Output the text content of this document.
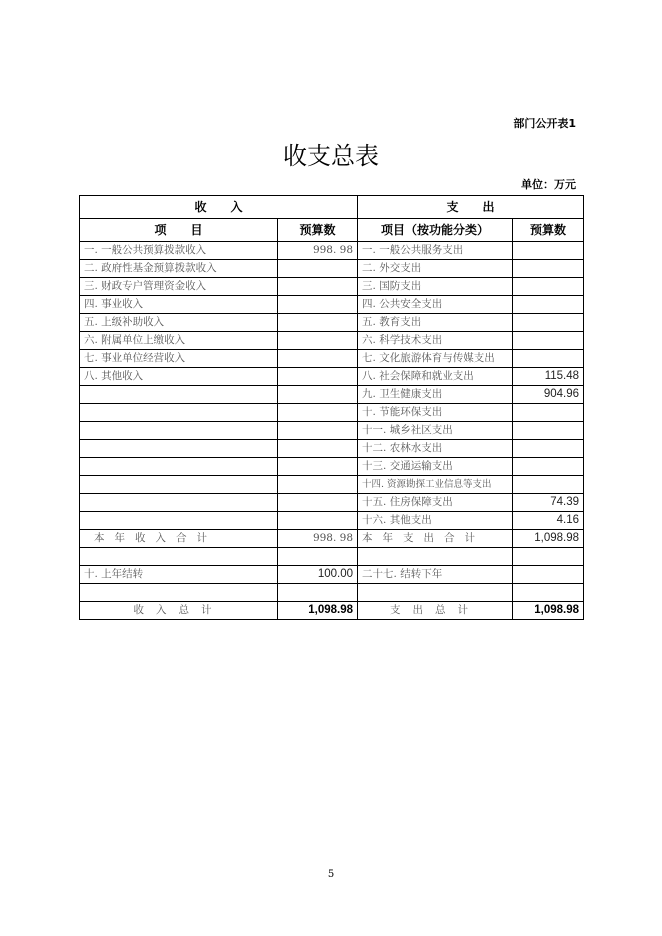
部门公开表1
收支总表
单位：万元
收　　入		支　　出	
项　　目	预算数	项目（按功能分类）	预算数
一. 一般公共预算拨款收入	998. 98	一. 一般公共服务支出	
二. 政府性基金预算拨款收入		二. 外交支出	
三. 财政专户管理资金收入		三. 国防支出	
四. 事业收入		四. 公共安全支出	
五. 上级补助收入		五. 教育支出	
六. 附属单位上缴收入		六. 科学技术支出	
七. 事业单位经营收入		七. 文化旅游体育与传媒支出	
八. 其他收入		八. 社会保障和就业支出	115.48
		九. 卫生健康支出	904.96
		十. 节能环保支出	
		十一. 城乡社区支出	
		十二. 农林水支出	
		十三. 交通运输支出	
		十四. 资源勘探工业信息等支出	
		十五. 住房保障支出	74.39
		十六. 其他支出	4.16
本年收入合计	998. 98	本年支出合计	1,098.98

十. 上年结转	100.00	二十七. 结转下年	

收入总计	1,098.98	支出总计	1,098.98
5
